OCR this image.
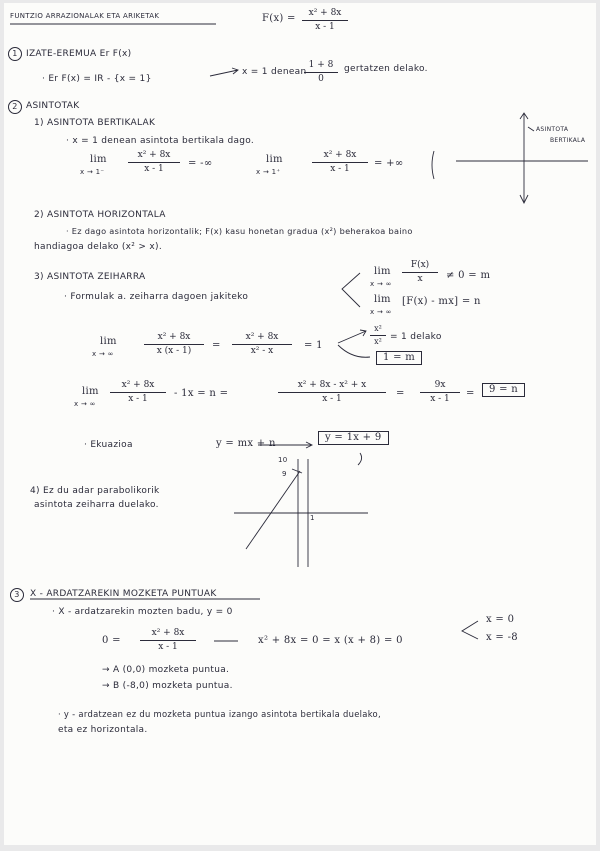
FUNTZIO ARRAZIONALAK ETA ARIKETAK	$F(x) = \frac{\text{x² + 8x}}{x - 1}$
1 IZATE-EREMUA Er F(x)
· Er F(x) = IR - {x = 1}
x = 1 denean
$\frac{1 + 8}{0}$ gertatzen delako.
2 ASINTOTAK
1) ASINTOTA BERTIKALAK
· x = 1 denean asintota bertikala dago.
lim
x → 1⁻	$\frac{\text{x² + 8x}}{x - 1}$ = -∞	lim
x → 1⁺	$\frac{\text{x² + 8x}}{x - 1}$ = +∞
ASINTOTA
BERTIKALA
2) ASINTOTA HORIZONTALA
· Ez dago asintota horizontalik; F(x) kasu honetan gradua (x²) beherakoa baino
handiagoa delako (x² > x).
3) ASINTOTA ZEIHARRA
· Formulak a. zeiharra dagoen jakiteko
lim
x → ∞ $\frac{F(x)}{x} \ne 0 = m$
lim
x → ∞
[F(x) - mx] = n
lim
x → ∞	$\frac{\text{x² + 8x}}{x (x - 1)} = \frac{\text{x² + 8x}}{\text{x² - x}} = 1$	$\frac{\text{x²}}{\text{x²}} = 1$ delako
1 = m
lim
x → ∞ $\frac{\text{x² + 8x}}{x - 1} - 1x = n$ =	$\frac{\text{x² + 8x - x² + x}}{x - 1} = \frac{9x}{x - 1}$ =	9 = n
· Ekuazioa	y = mx + n
y = 1x + 9
4) Ez du adar parabolikorik
asintota zeiharra duelako.
10
9
1
3	X - ARDATZAREKIN MOZKETA PUNTUAK
· X - ardatzarekin mozten badu, y = 0
$0 = \frac{\text{x² + 8x}}{x - 1}$	x² + 8x = 0 = x (x + 8) = 0
x = 0
x = -8
→ A (0,0) mozketa puntua.
→ B (-8,0) mozketa puntua.
· y - ardatzean ez du mozketa puntua izango asintota bertikala duelako,
eta ez horizontala.
